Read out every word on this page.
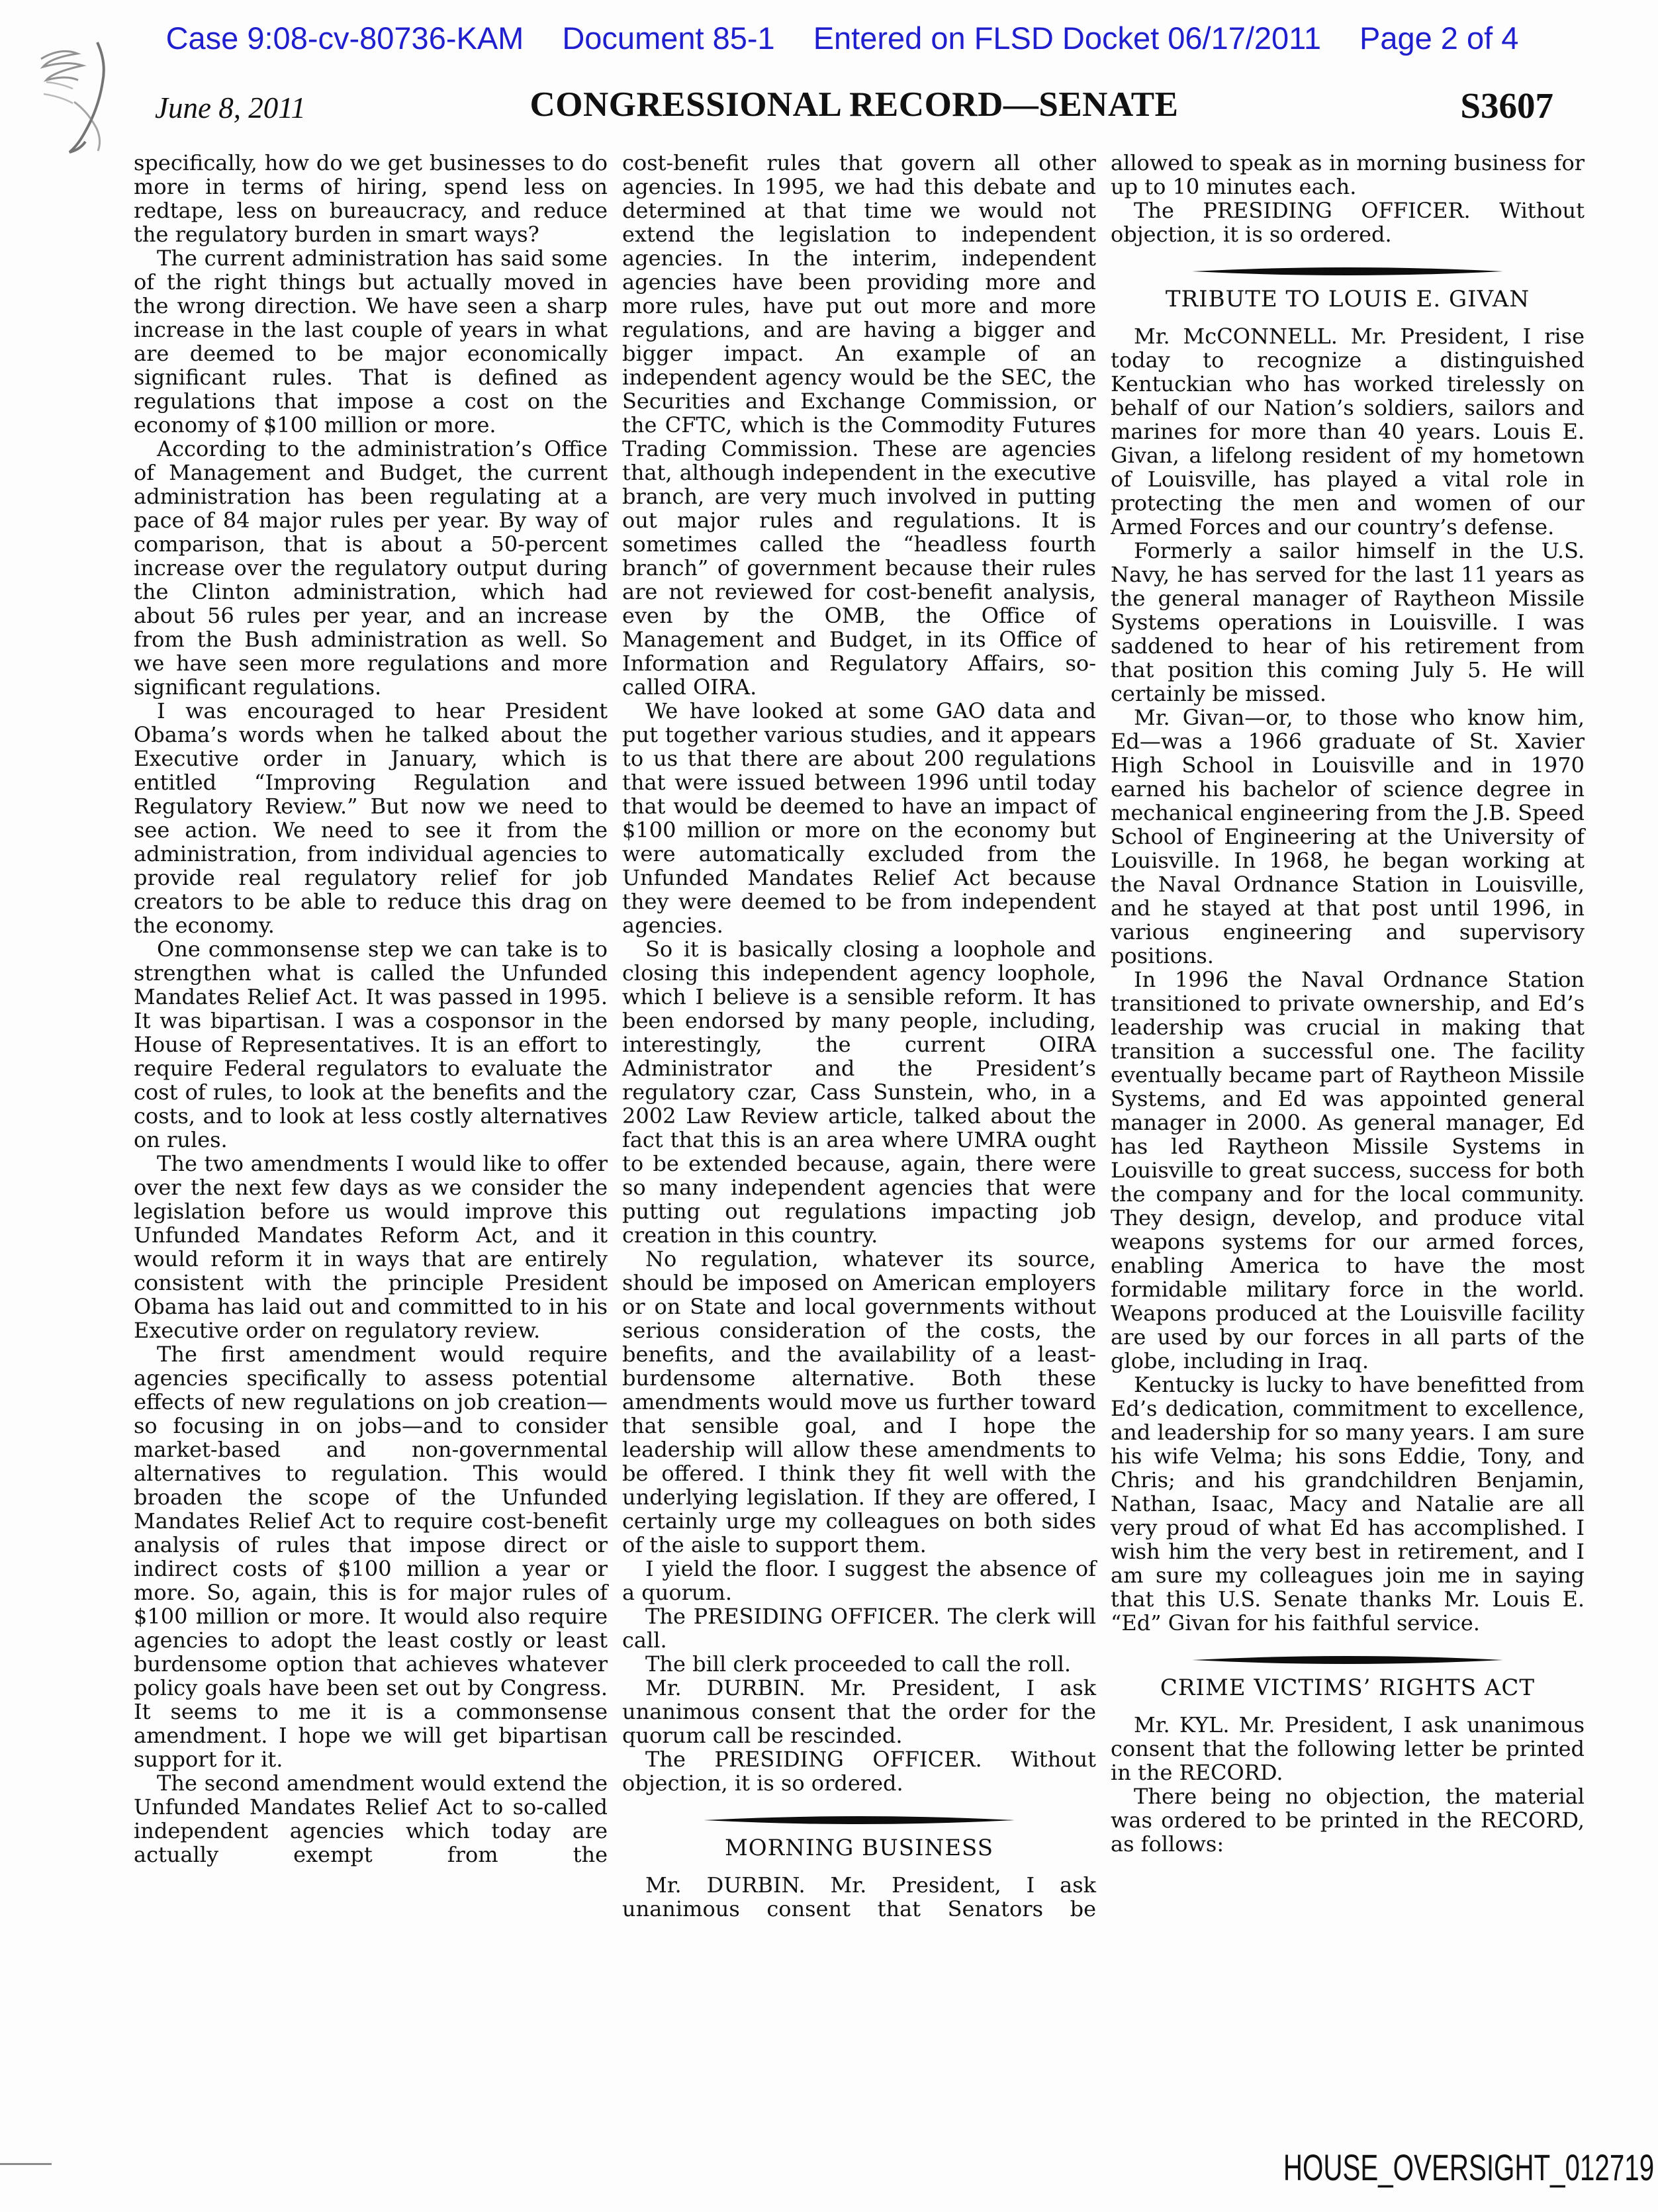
Case 9:08-cv-80736-KAM Document 85-1 Entered on FLSD Docket 06/17/2011 Page 2 of 4
June 8, 2011	CONGRESSIONAL RECORD—SENATE	S3607

specifically, how do we get businesses to do more in terms of hiring, spend less on redtape, less on bureaucracy, and reduce the regulatory burden in smart ways?

The current administration has said some of the right things but actually moved in the wrong direction. We have seen a sharp increase in the last couple of years in what are deemed to be major economically significant rules. That is defined as regulations that impose a cost on the economy of $100 million or more.

According to the administration’s Office of Management and Budget, the current administration has been regulating at a pace of 84 major rules per year. By way of comparison, that is about a 50-percent increase over the regulatory output during the Clinton administration, which had about 56 rules per year, and an increase from the Bush administration as well. So we have seen more regulations and more significant regulations.

I was encouraged to hear President Obama’s words when he talked about the Executive order in January, which is entitled “Improving Regulation and Regulatory Review.” But now we need to see action. We need to see it from the administration, from individual agencies to provide real regulatory relief for job creators to be able to reduce this drag on the economy.

One commonsense step we can take is to strengthen what is called the Unfunded Mandates Relief Act. It was passed in 1995. It was bipartisan. I was a cosponsor in the House of Representatives. It is an effort to require Federal regulators to evaluate the cost of rules, to look at the benefits and the costs, and to look at less costly alternatives on rules.

The two amendments I would like to offer over the next few days as we consider the legislation before us would improve this Unfunded Mandates Reform Act, and it would reform it in ways that are entirely consistent with the principle President Obama has laid out and committed to in his Executive order on regulatory review.

The first amendment would require agencies specifically to assess potential effects of new regulations on job creation—so focusing in on jobs—and to consider market-based and non-governmental alternatives to regulation. This would broaden the scope of the Unfunded Mandates Relief Act to require cost-benefit analysis of rules that impose direct or indirect costs of $100 million a year or more. So, again, this is for major rules of $100 million or more. It would also require agencies to adopt the least costly or least burdensome option that achieves whatever policy goals have been set out by Congress. It seems to me it is a commonsense amendment. I hope we will get bipartisan support for it.

The second amendment would extend the Unfunded Mandates Relief Act to so-called independent agencies which today are actually exempt from the

cost-benefit rules that govern all other agencies. In 1995, we had this debate and determined at that time we would not extend the legislation to independent agencies. In the interim, independent agencies have been providing more and more rules, have put out more and more regulations, and are having a bigger and bigger impact. An example of an independent agency would be the SEC, the Securities and Exchange Commission, or the CFTC, which is the Commodity Futures Trading Commission. These are agencies that, although independent in the executive branch, are very much involved in putting out major rules and regulations. It is sometimes called the “headless fourth branch” of government because their rules are not reviewed for cost-benefit analysis, even by the OMB, the Office of Management and Budget, in its Office of Information and Regulatory Affairs, so-called OIRA.

We have looked at some GAO data and put together various studies, and it appears to us that there are about 200 regulations that were issued between 1996 until today that would be deemed to have an impact of $100 million or more on the economy but were automatically excluded from the Unfunded Mandates Relief Act because they were deemed to be from independent agencies.

So it is basically closing a loophole and closing this independent agency loophole, which I believe is a sensible reform. It has been endorsed by many people, including, interestingly, the current OIRA Administrator and the President’s regulatory czar, Cass Sunstein, who, in a 2002 Law Review article, talked about the fact that this is an area where UMRA ought to be extended because, again, there were so many independent agencies that were putting out regulations impacting job creation in this country.

No regulation, whatever its source, should be imposed on American employers or on State and local governments without serious consideration of the costs, the benefits, and the availability of a least-burdensome alternative. Both these amendments would move us further toward that sensible goal, and I hope the leadership will allow these amendments to be offered. I think they fit well with the underlying legislation. If they are offered, I certainly urge my colleagues on both sides of the aisle to support them.

I yield the floor. I suggest the absence of a quorum.

The PRESIDING OFFICER. The clerk will call.

The bill clerk proceeded to call the roll.

Mr. DURBIN. Mr. President, I ask unanimous consent that the order for the quorum call be rescinded.

The PRESIDING OFFICER. Without objection, it is so ordered.

MORNING BUSINESS

Mr. DURBIN. Mr. President, I ask unanimous consent that Senators be

allowed to speak as in morning business for up to 10 minutes each.

The PRESIDING OFFICER. Without objection, it is so ordered.

TRIBUTE TO LOUIS E. GIVAN

Mr. McCONNELL. Mr. President, I rise today to recognize a distinguished Kentuckian who has worked tirelessly on behalf of our Nation’s soldiers, sailors and marines for more than 40 years. Louis E. Givan, a lifelong resident of my hometown of Louisville, has played a vital role in protecting the men and women of our Armed Forces and our country’s defense.

Formerly a sailor himself in the U.S. Navy, he has served for the last 11 years as the general manager of Raytheon Missile Systems operations in Louisville. I was saddened to hear of his retirement from that position this coming July 5. He will certainly be missed.

Mr. Givan—or, to those who know him, Ed—was a 1966 graduate of St. Xavier High School in Louisville and in 1970 earned his bachelor of science degree in mechanical engineering from the J.B. Speed School of Engineering at the University of Louisville. In 1968, he began working at the Naval Ordnance Station in Louisville, and he stayed at that post until 1996, in various engineering and supervisory positions.

In 1996 the Naval Ordnance Station transitioned to private ownership, and Ed’s leadership was crucial in making that transition a successful one. The facility eventually became part of Raytheon Missile Systems, and Ed was appointed general manager in 2000. As general manager, Ed has led Raytheon Missile Systems in Louisville to great success, success for both the company and for the local community. They design, develop, and produce vital weapons systems for our armed forces, enabling America to have the most formidable military force in the world. Weapons produced at the Louisville facility are used by our forces in all parts of the globe, including in Iraq.

Kentucky is lucky to have benefitted from Ed’s dedication, commitment to excellence, and leadership for so many years. I am sure his wife Velma; his sons Eddie, Tony, and Chris; and his grandchildren Benjamin, Nathan, Isaac, Macy and Natalie are all very proud of what Ed has accomplished. I wish him the very best in retirement, and I am sure my colleagues join me in saying that this U.S. Senate thanks Mr. Louis E. “Ed” Givan for his faithful service.

CRIME VICTIMS’ RIGHTS ACT

Mr. KYL. Mr. President, I ask unanimous consent that the following letter be printed in the RECORD.

There being no objection, the material was ordered to be printed in the RECORD, as follows:

HOUSE_OVERSIGHT_012719
